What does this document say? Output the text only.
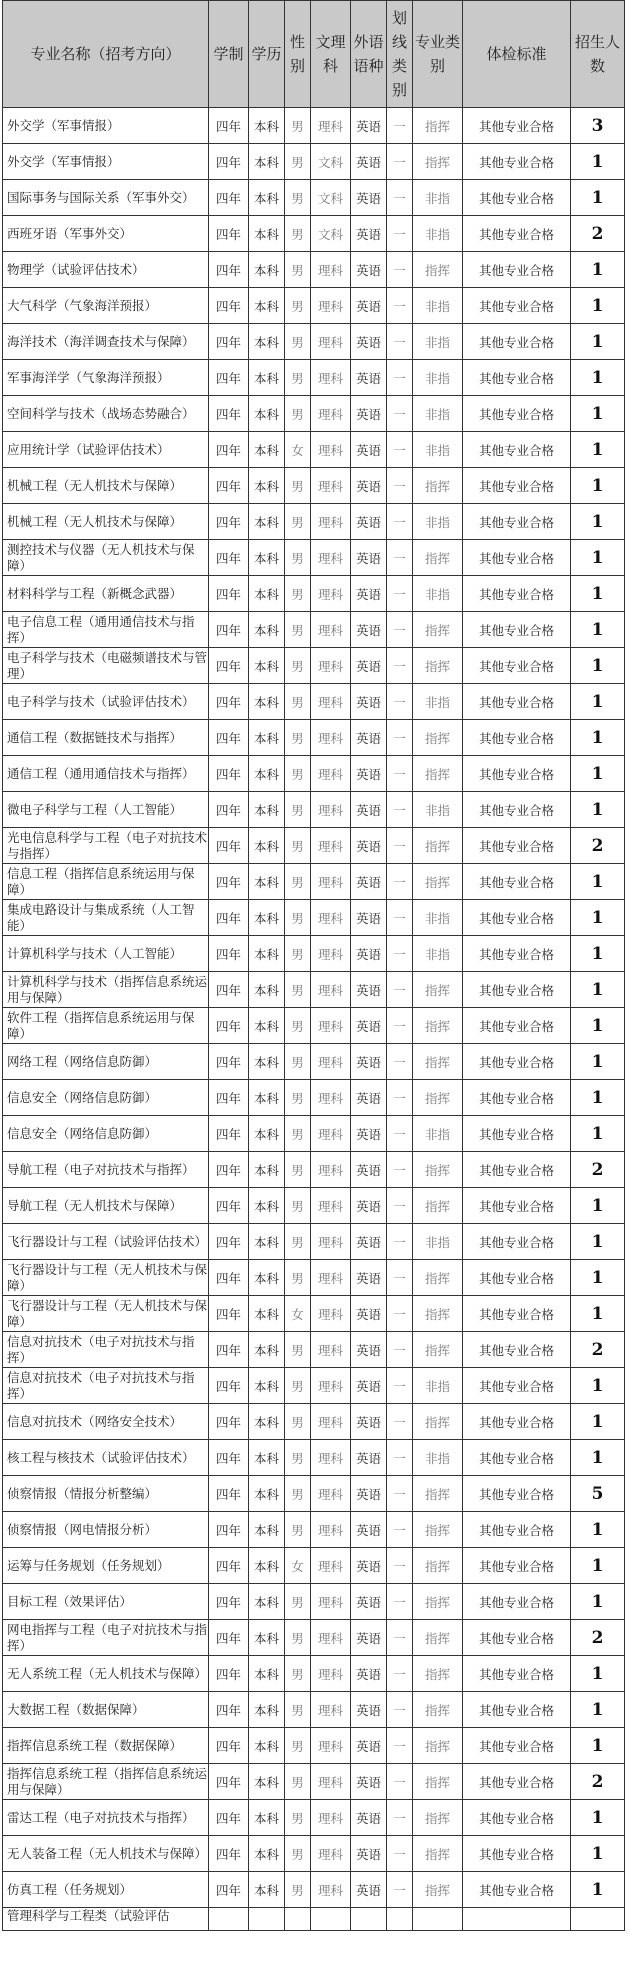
专业名称（招考方向）	学制	学历	性别	文理科	外语语种	划线类别	专业类别	体检标准	招生人数
外交学（军事情报）	四年	本科	男	理科	英语	一	指挥	其他专业合格	3
外交学（军事情报）	四年	本科	男	文科	英语	一	指挥	其他专业合格	1
国际事务与国际关系（军事外交）	四年	本科	男	文科	英语	一	非指	其他专业合格	1
西班牙语（军事外交）	四年	本科	男	文科	英语	一	非指	其他专业合格	2
物理学（试验评估技术）	四年	本科	男	理科	英语	一	指挥	其他专业合格	1
大气科学（气象海洋预报）	四年	本科	男	理科	英语	一	非指	其他专业合格	1
海洋技术（海洋调查技术与保障）	四年	本科	男	理科	英语	一	非指	其他专业合格	1
军事海洋学（气象海洋预报）	四年	本科	男	理科	英语	一	非指	其他专业合格	1
空间科学与技术（战场态势融合）	四年	本科	男	理科	英语	一	非指	其他专业合格	1
应用统计学（试验评估技术）	四年	本科	女	理科	英语	一	非指	其他专业合格	1
机械工程（无人机技术与保障）	四年	本科	男	理科	英语	一	指挥	其他专业合格	1
机械工程（无人机技术与保障）	四年	本科	男	理科	英语	一	非指	其他专业合格	1
测控技术与仪器（无人机技术与保障）	四年	本科	男	理科	英语	一	指挥	其他专业合格	1
材料科学与工程（新概念武器）	四年	本科	男	理科	英语	一	非指	其他专业合格	1
电子信息工程（通用通信技术与指挥）	四年	本科	男	理科	英语	一	指挥	其他专业合格	1
电子科学与技术（电磁频谱技术与管理）	四年	本科	男	理科	英语	一	指挥	其他专业合格	1
电子科学与技术（试验评估技术）	四年	本科	男	理科	英语	一	非指	其他专业合格	1
通信工程（数据链技术与指挥）	四年	本科	男	理科	英语	一	指挥	其他专业合格	1
通信工程（通用通信技术与指挥）	四年	本科	男	理科	英语	一	指挥	其他专业合格	1
微电子科学与工程（人工智能）	四年	本科	男	理科	英语	一	非指	其他专业合格	1
光电信息科学与工程（电子对抗技术与指挥）	四年	本科	男	理科	英语	一	指挥	其他专业合格	2
信息工程（指挥信息系统运用与保障）	四年	本科	男	理科	英语	一	指挥	其他专业合格	1
集成电路设计与集成系统（人工智能）	四年	本科	男	理科	英语	一	非指	其他专业合格	1
计算机科学与技术（人工智能）	四年	本科	男	理科	英语	一	非指	其他专业合格	1
计算机科学与技术（指挥信息系统运用与保障）	四年	本科	男	理科	英语	一	指挥	其他专业合格	1
软件工程（指挥信息系统运用与保障）	四年	本科	男	理科	英语	一	指挥	其他专业合格	1
网络工程（网络信息防御）	四年	本科	男	理科	英语	一	指挥	其他专业合格	1
信息安全（网络信息防御）	四年	本科	男	理科	英语	一	指挥	其他专业合格	1
信息安全（网络信息防御）	四年	本科	男	理科	英语	一	非指	其他专业合格	1
导航工程（电子对抗技术与指挥）	四年	本科	男	理科	英语	一	指挥	其他专业合格	2
导航工程（无人机技术与保障）	四年	本科	男	理科	英语	一	指挥	其他专业合格	1
飞行器设计与工程（试验评估技术）	四年	本科	男	理科	英语	一	非指	其他专业合格	1
飞行器设计与工程（无人机技术与保障）	四年	本科	男	理科	英语	一	指挥	其他专业合格	1
飞行器设计与工程（无人机技术与保障）	四年	本科	女	理科	英语	一	指挥	其他专业合格	1
信息对抗技术（电子对抗技术与指挥）	四年	本科	男	理科	英语	一	指挥	其他专业合格	2
信息对抗技术（电子对抗技术与指挥）	四年	本科	男	理科	英语	一	非指	其他专业合格	1
信息对抗技术（网络安全技术）	四年	本科	男	理科	英语	一	指挥	其他专业合格	1
核工程与核技术（试验评估技术）	四年	本科	男	理科	英语	一	非指	其他专业合格	1
侦察情报（情报分析整编）	四年	本科	男	理科	英语	一	指挥	其他专业合格	5
侦察情报（网电情报分析）	四年	本科	男	理科	英语	一	指挥	其他专业合格	1
运筹与任务规划（任务规划）	四年	本科	女	理科	英语	一	指挥	其他专业合格	1
目标工程（效果评估）	四年	本科	男	理科	英语	一	指挥	其他专业合格	1
网电指挥与工程（电子对抗技术与指挥）	四年	本科	男	理科	英语	一	指挥	其他专业合格	2
无人系统工程（无人机技术与保障）	四年	本科	男	理科	英语	一	指挥	其他专业合格	1
大数据工程（数据保障）	四年	本科	男	理科	英语	一	指挥	其他专业合格	1
指挥信息系统工程（数据保障）	四年	本科	男	理科	英语	一	指挥	其他专业合格	1
指挥信息系统工程（指挥信息系统运用与保障）	四年	本科	男	理科	英语	一	指挥	其他专业合格	2
雷达工程（电子对抗技术与指挥）	四年	本科	男	理科	英语	一	指挥	其他专业合格	1
无人装备工程（无人机技术与保障）	四年	本科	男	理科	英语	一	指挥	其他专业合格	1
仿真工程（任务规划）	四年	本科	男	理科	英语	一	指挥	其他专业合格	1
管理科学与工程类（试验评估									
